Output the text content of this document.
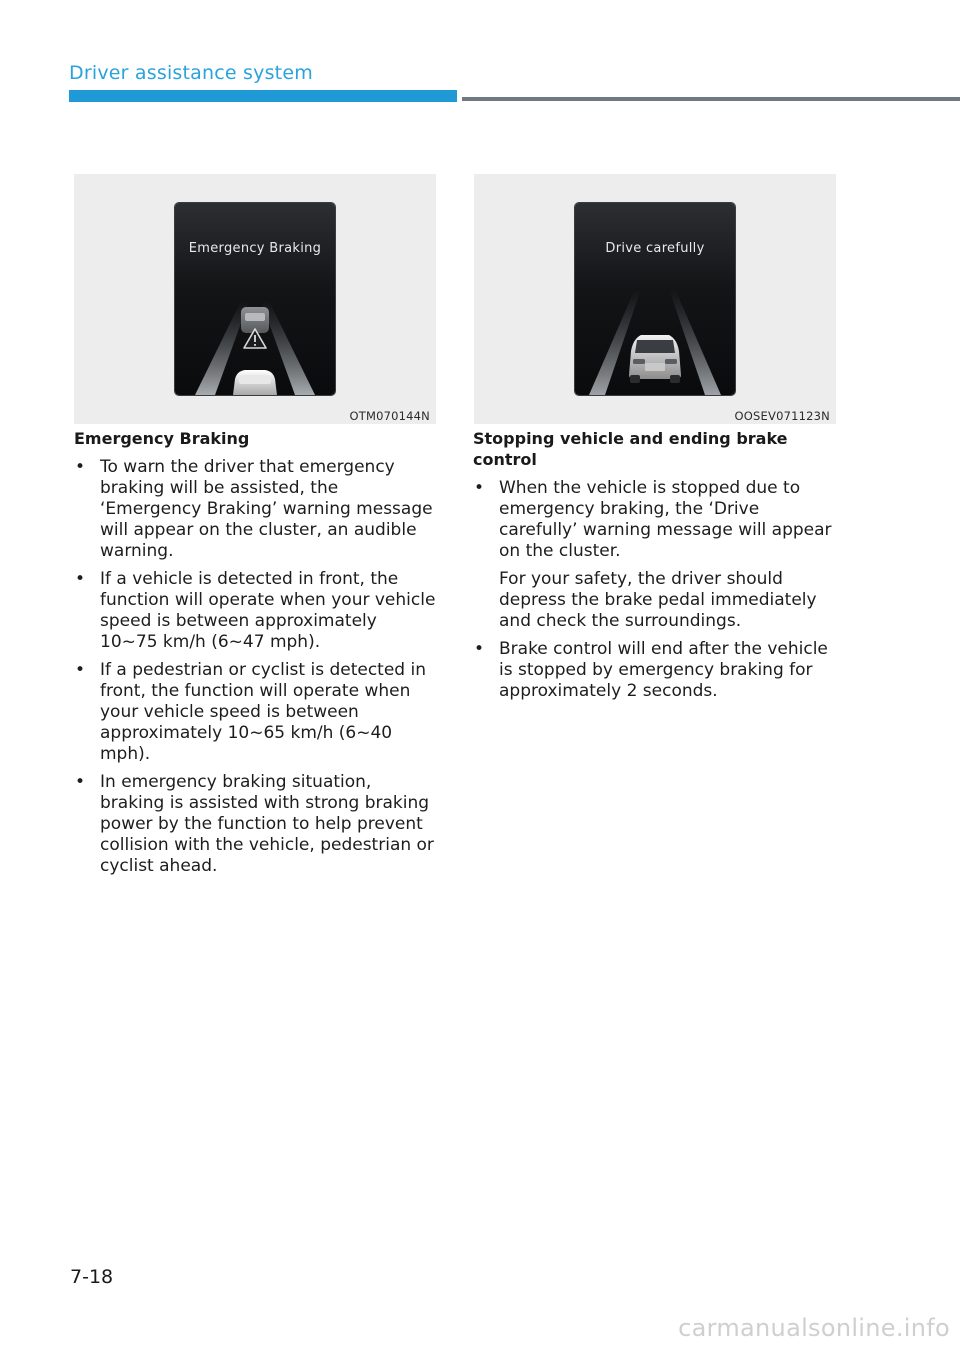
Driver assistance system
Emergency Braking
OTM070144N
Drive carefully
OOSEV071123N
Emergency Braking
• To warn the driver that emergency braking will be assisted, the ‘Emergency Braking’ warning message will appear on the cluster, an audible warning.
• If a vehicle is detected in front, the function will operate when your vehicle speed is between approximately 10~75 km/h (6~47 mph).
• If a pedestrian or cyclist is detected in front, the function will operate when your vehicle speed is between approximately 10~65 km/h (6~40 mph).
• In emergency braking situation, braking is assisted with strong braking power by the function to help prevent collision with the vehicle, pedestrian or cyclist ahead.
Stopping vehicle and ending brake control

• When the vehicle is stopped due to emergency braking, the ‘Drive carefully’ warning message will appear on the cluster.

For your safety, the driver should depress the brake pedal immediately and check the surroundings.

• Brake control will end after the vehicle is stopped by emergency braking for approximately 2 seconds.

7-18
carmanualsonline.info
